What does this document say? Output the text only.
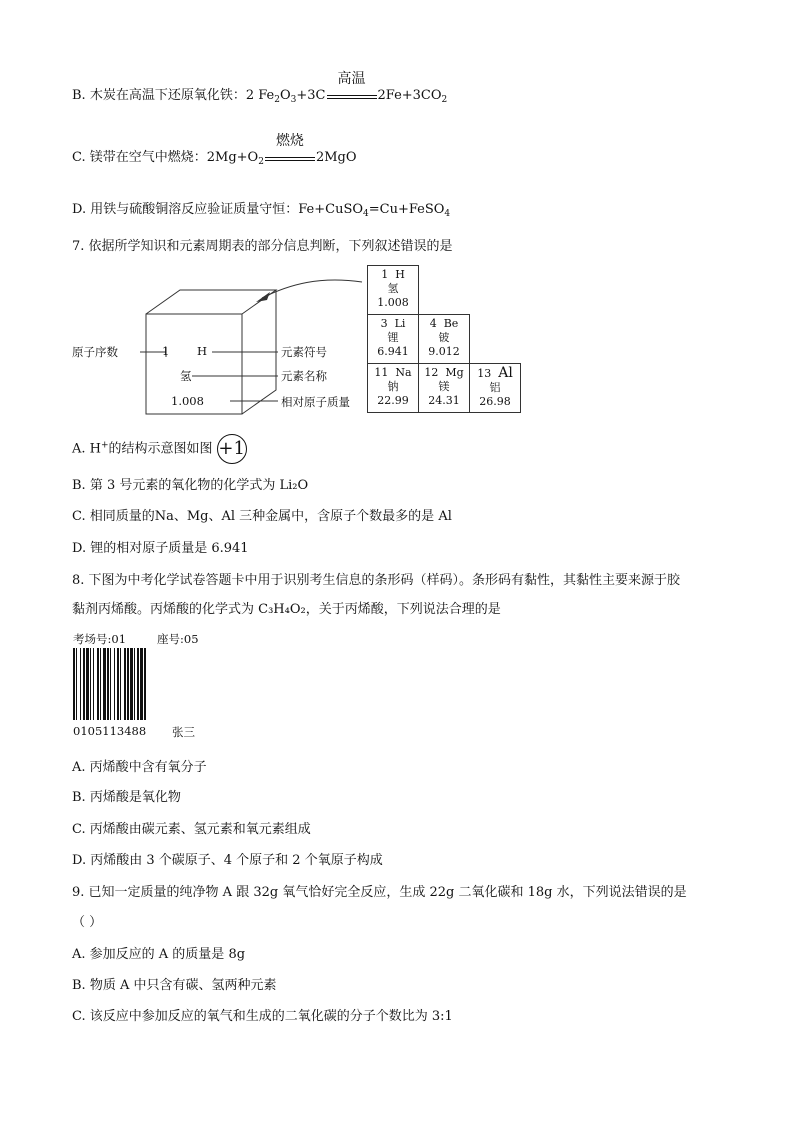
B. 木炭在高温下还原氧化铁：2 $Fe_2O_3+3C$
高温
$2Fe+3CO_2$
C. 镁带在空气中燃烧：$2Mg+O_2$
燃烧
2MgO
D. 用铁与硫酸铜溶反应验证质量守恒：Fe+CuSO$_4$=Cu+FeSO$_4$
7. 依据所学知识和元素周期表的部分信息判断，下列叙述错误的是
原子序数	1 H
氢
1.008
元素符号
元素名称
相对原子质量
1 H
氢
1.008		
3 Li
锂
6.941	4 Be
铍
9.012	
11 Na
钠
22.99	12 Mg
镁
24.31	13 Al
铝
26.98
A. H+的结构示意图如图 +1
B. 第 3 号元素的氧化物的化学式为 Li₂O
C. 相同质量的Na、Mg、Al 三种金属中，含原子个数最多的是 Al
D. 锂的相对原子质量是 6.941
8. 下图为中考化学试卷答题卡中用于识别考生信息的条形码（样码）。条形码有黏性，其黏性主要来源于胶
黏剂丙烯酸。丙烯酸的化学式为 C₃H₄O₂，关于丙烯酸，下列说法合理的是
考场号:01	座号:05
0105113488 张三
A. 丙烯酸中含有氧分子
B. 丙烯酸是氧化物
C. 丙烯酸由碳元素、氢元素和氧元素组成
D. 丙烯酸由 3 个碳原子、4 个原子和 2 个氧原子构成
9. 已知一定质量的纯净物 A 跟 32g 氧气恰好完全反应，生成 22g 二氧化碳和 18g 水，下列说法错误的是
（ ）
A. 参加反应的 A 的质量是 8g
B. 物质 A 中只含有碳、氢两种元素
C. 该反应中参加反应的氧气和生成的二氧化碳的分子个数比为 3:1
